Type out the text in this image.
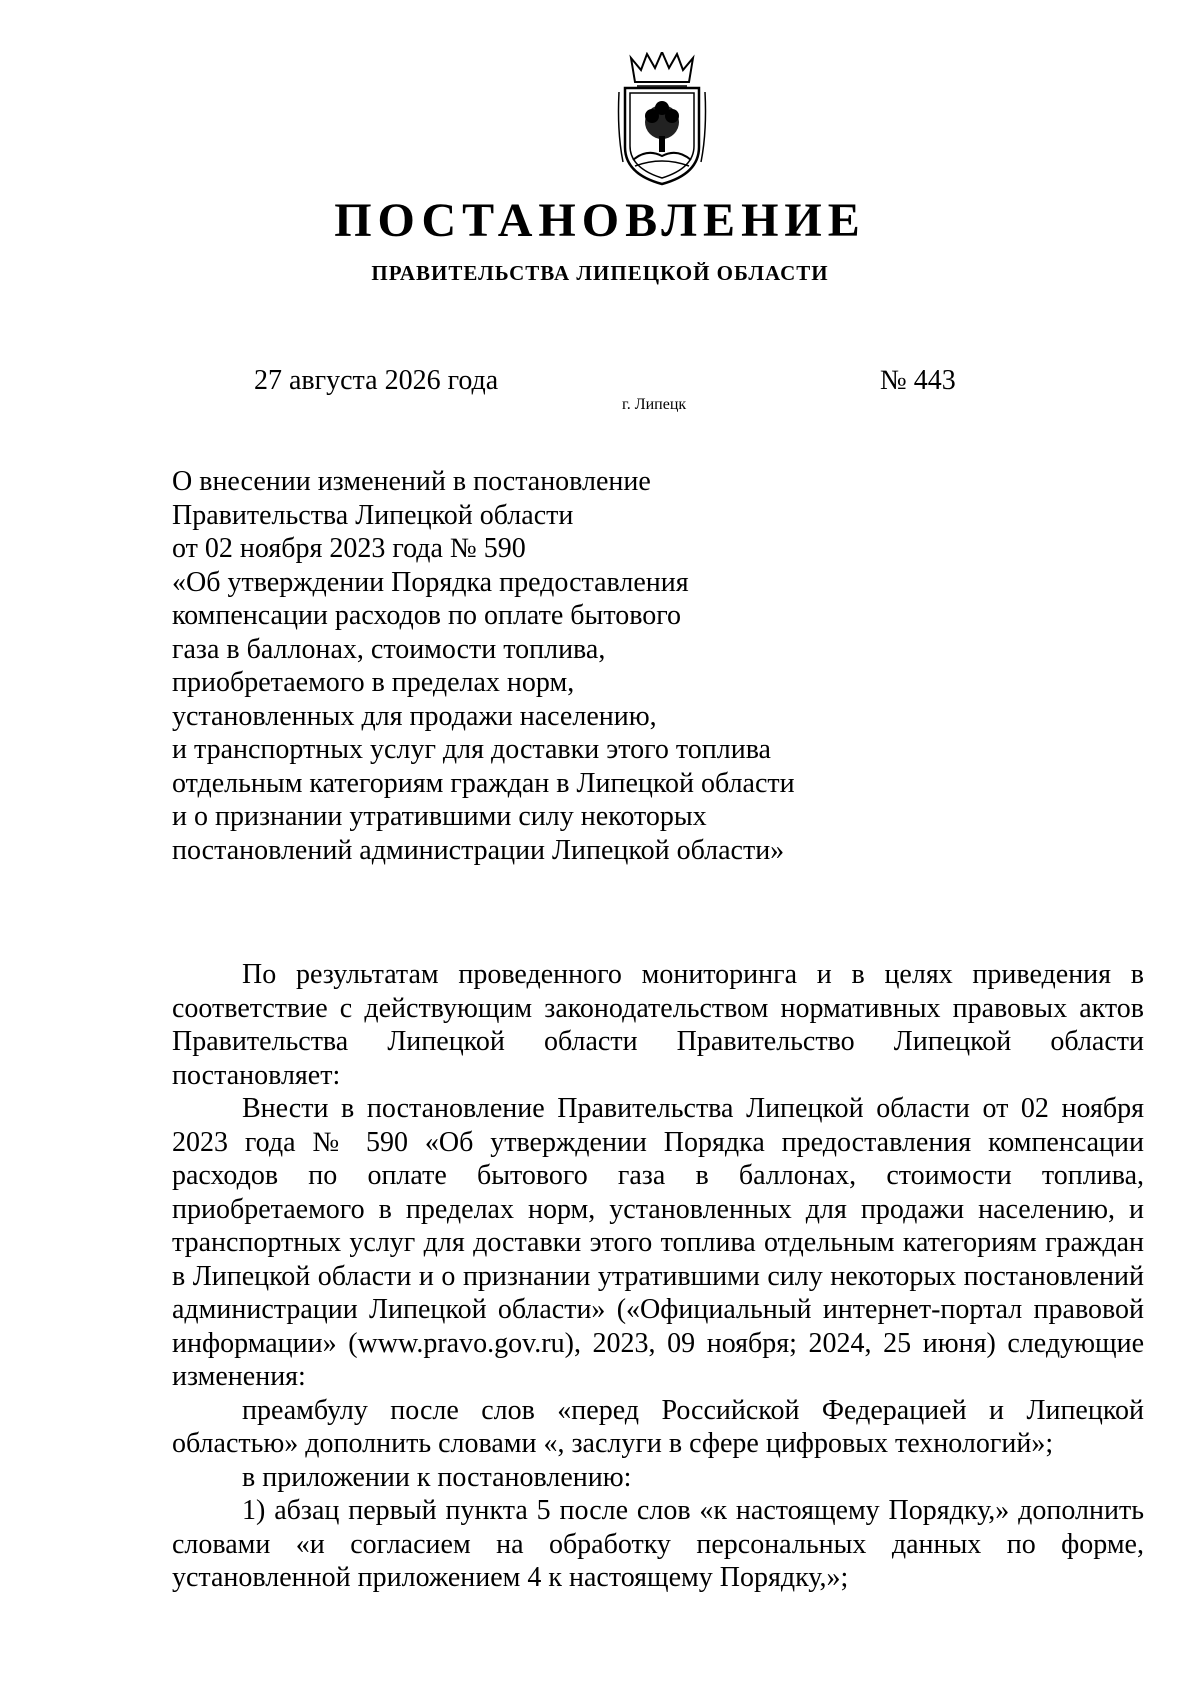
ПОСТАНОВЛЕНИЕ
ПРАВИТЕЛЬСТВА ЛИПЕЦКОЙ ОБЛАСТИ
27 августа 2026 года
г. Липецк
№ 443
О внесении изменений в постановление
Правительства Липецкой области
от 02 ноября 2023 года № 590
«Об утверждении Порядка предоставления
компенсации расходов по оплате бытового
газа в баллонах, стоимости топлива,
приобретаемого в пределах норм,
установленных для продажи населению,
и транспортных услуг для доставки этого топлива
отдельным категориям граждан в Липецкой области
и о признании утратившими силу некоторых
постановлений администрации Липецкой области»

По результатам проведенного мониторинга и в целях приведения в соответствие с действующим законодательством нормативных правовых актов Правительства Липецкой области Правительство Липецкой области постановляет:

Внести в постановление Правительства Липецкой области от 02 ноября 2023 года № 590 «Об утверждении Порядка предоставления компенсации расходов по оплате бытового газа в баллонах, стоимости топлива, приобретаемого в пределах норм, установленных для продажи населению, и транспортных услуг для доставки этого топлива отдельным категориям граждан в Липецкой области и о признании утратившими силу некоторых постановлений администрации Липецкой области» («Официальный интернет-портал правовой информации» (www.pravo.gov.ru), 2023, 09 ноября; 2024, 25 июня) следующие изменения:

преамбулу после слов «перед Российской Федерацией и Липецкой областью» дополнить словами «, заслуги в сфере цифровых технологий»;

в приложении к постановлению:

1) абзац первый пункта 5 после слов «к настоящему Порядку,» дополнить словами «и согласием на обработку персональных данных по форме, установленной приложением 4 к настоящему Порядку,»;
